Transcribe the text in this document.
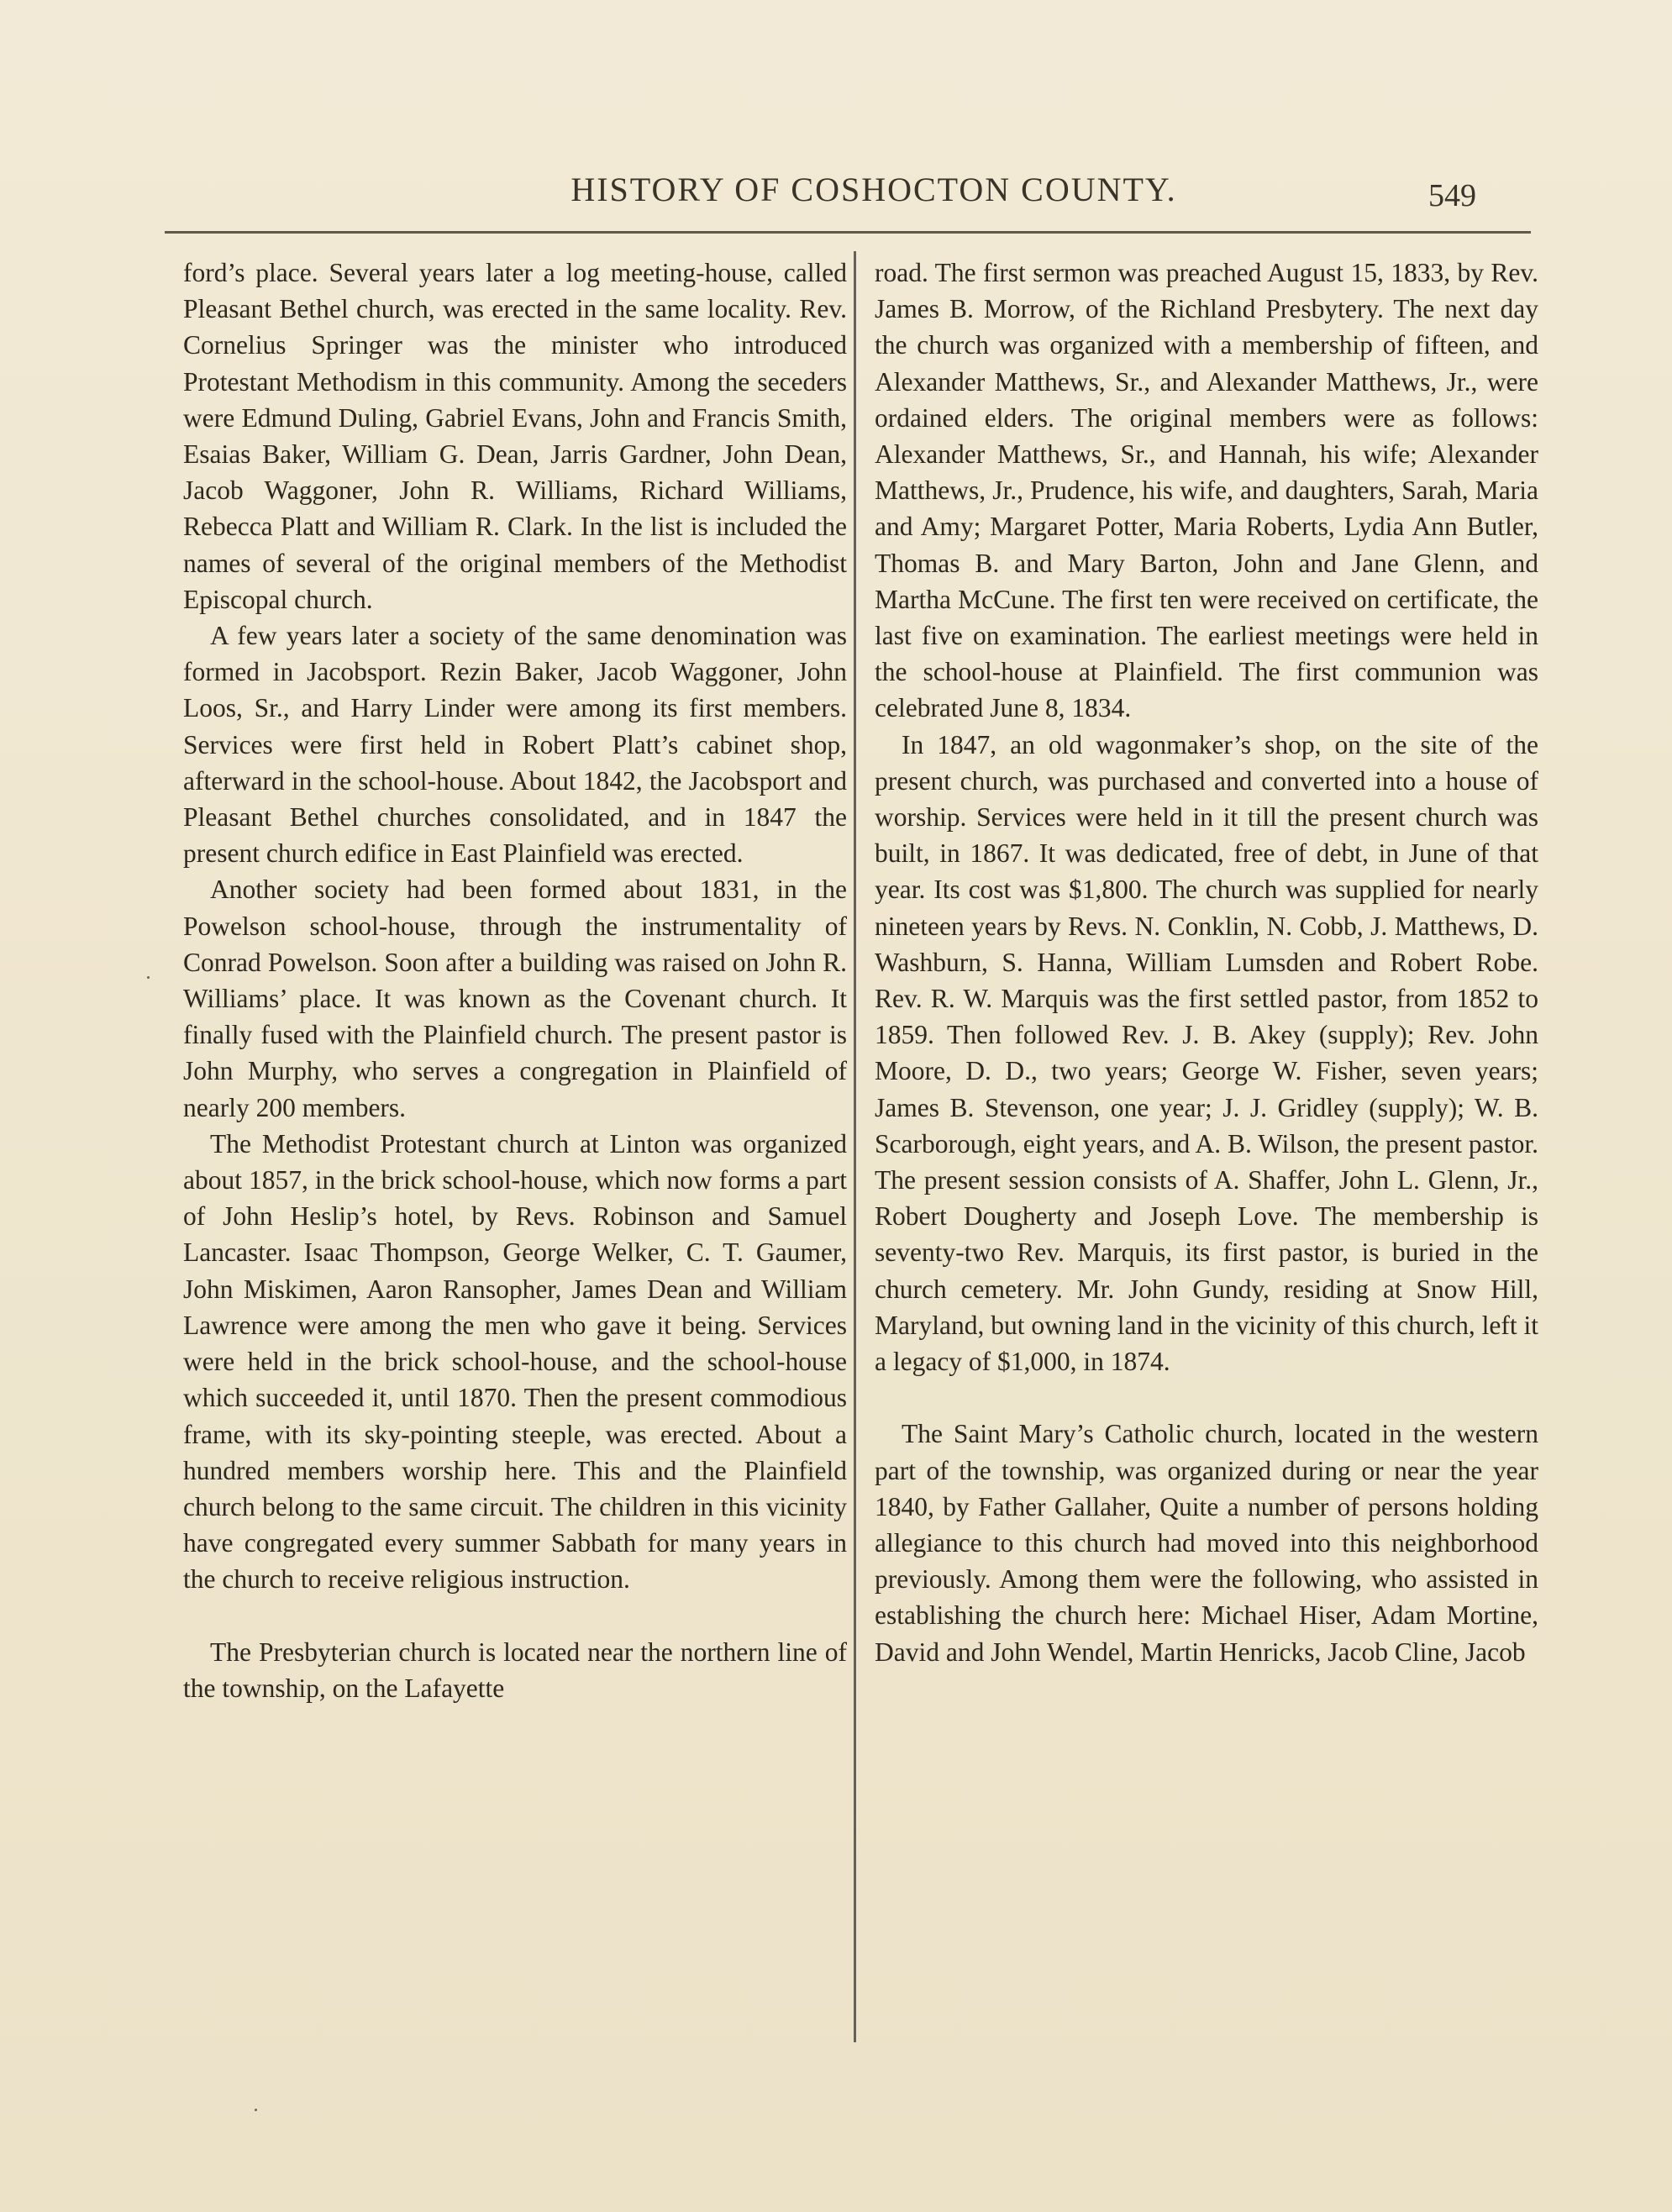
HISTORY OF COSHOCTON COUNTY.	549

ford’s place. Several years later a log meeting-house, called Pleasant Bethel church, was erected in the same locality. Rev. Cornelius Springer was the minister who introduced Protestant Methodism in this community. Among the seceders were Edmund Duling, Gabriel Evans, John and Francis Smith, Esaias Baker, William G. Dean, Jarris Gardner, John Dean, Jacob Waggoner, John R. Williams, Richard Williams, Rebecca Platt and William R. Clark. In the list is included the names of several of the original members of the Methodist Episcopal church.

A few years later a society of the same denomination was formed in Jacobsport. Rezin Baker, Jacob Waggoner, John Loos, Sr., and Harry Linder were among its first members. Services were first held in Robert Platt’s cabinet shop, afterward in the school-house. About 1842, the Jacobsport and Pleasant Bethel churches consolidated, and in 1847 the present church edifice in East Plainfield was erected.

Another society had been formed about 1831, in the Powelson school-house, through the instrumentality of Conrad Powelson. Soon after a building was raised on John R. Williams’ place. It was known as the Covenant church. It finally fused with the Plainfield church. The present pastor is John Murphy, who serves a congregation in Plainfield of nearly 200 members.

The Methodist Protestant church at Linton was organized about 1857, in the brick school-house, which now forms a part of John Heslip’s hotel, by Revs. Robinson and Samuel Lancaster. Isaac Thompson, George Welker, C. T. Gaumer, John Miskimen, Aaron Ransopher, James Dean and William Lawrence were among the men who gave it being. Services were held in the brick school-house, and the school-house which succeeded it, until 1870. Then the present commodious frame, with its sky-pointing steeple, was erected. About a hundred members worship here. This and the Plainfield church belong to the same circuit. The children in this vicinity have congregated every summer Sabbath for many years in the church to receive religious instruction.

The Presbyterian church is located near the northern line of the township, on the Lafayette

road. The first sermon was preached August 15, 1833, by Rev. James B. Morrow, of the Richland Presbytery. The next day the church was organized with a membership of fifteen, and Alexander Matthews, Sr., and Alexander Matthews, Jr., were ordained elders. The original members were as follows: Alexander Matthews, Sr., and Hannah, his wife; Alexander Matthews, Jr., Prudence, his wife, and daughters, Sarah, Maria and Amy; Margaret Potter, Maria Roberts, Lydia Ann Butler, Thomas B. and Mary Barton, John and Jane Glenn, and Martha McCune. The first ten were received on certificate, the last five on examination. The earliest meetings were held in the school-house at Plainfield. The first communion was celebrated June 8, 1834.

In 1847, an old wagonmaker’s shop, on the site of the present church, was purchased and converted into a house of worship. Services were held in it till the present church was built, in 1867. It was dedicated, free of debt, in June of that year. Its cost was $1,800. The church was supplied for nearly nineteen years by Revs. N. Conklin, N. Cobb, J. Matthews, D. Washburn, S. Hanna, William Lumsden and Robert Robe. Rev. R. W. Marquis was the first settled pastor, from 1852 to 1859. Then followed Rev. J. B. Akey (supply); Rev. John Moore, D. D., two years; George W. Fisher, seven years; James B. Stevenson, one year; J. J. Gridley (supply); W. B. Scarborough, eight years, and A. B. Wilson, the present pastor. The present session consists of A. Shaffer, John L. Glenn, Jr., Robert Dougherty and Joseph Love. The membership is seventy-two Rev. Marquis, its first pastor, is buried in the church cemetery. Mr. John Gundy, residing at Snow Hill, Maryland, but owning land in the vicinity of this church, left it a legacy of $1,000, in 1874.

The Saint Mary’s Catholic church, located in the western part of the township, was organized during or near the year 1840, by Father Gallaher, Quite a number of persons holding allegiance to this church had moved into this neighborhood previously. Among them were the following, who assisted in establishing the church here: Michael Hiser, Adam Mortine, David and John Wendel, Martin Henricks, Jacob Cline, Jacob
